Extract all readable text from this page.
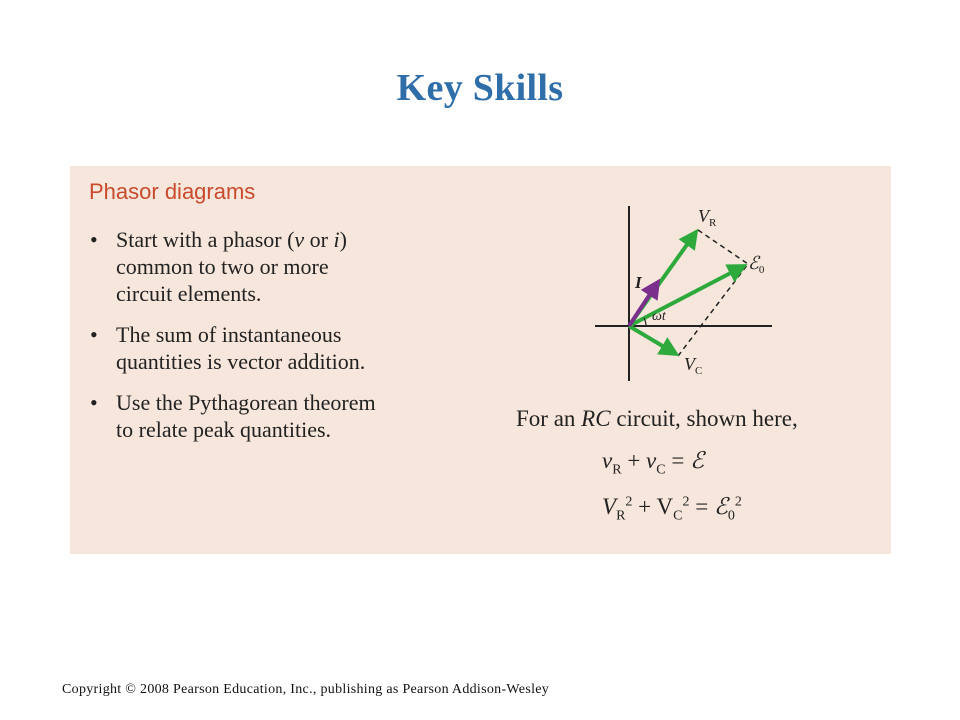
Key Skills
Phasor diagrams
• Start with a phasor (v or i)
common to two or more
circuit elements.
• The sum of instantaneous
quantities is vector addition.
• Use the Pythagorean theorem
to relate peak quantities.
$V_R$
ℰ$_0$
$V_C$
I
ωt
For an RC circuit, shown here,
$v_R + v_C$ = ℰ
$V_R^2 + V_C^2$ = ℰ$_0^2$
Copyright © 2008 Pearson Education, Inc., publishing as Pearson Addison-Wesley
